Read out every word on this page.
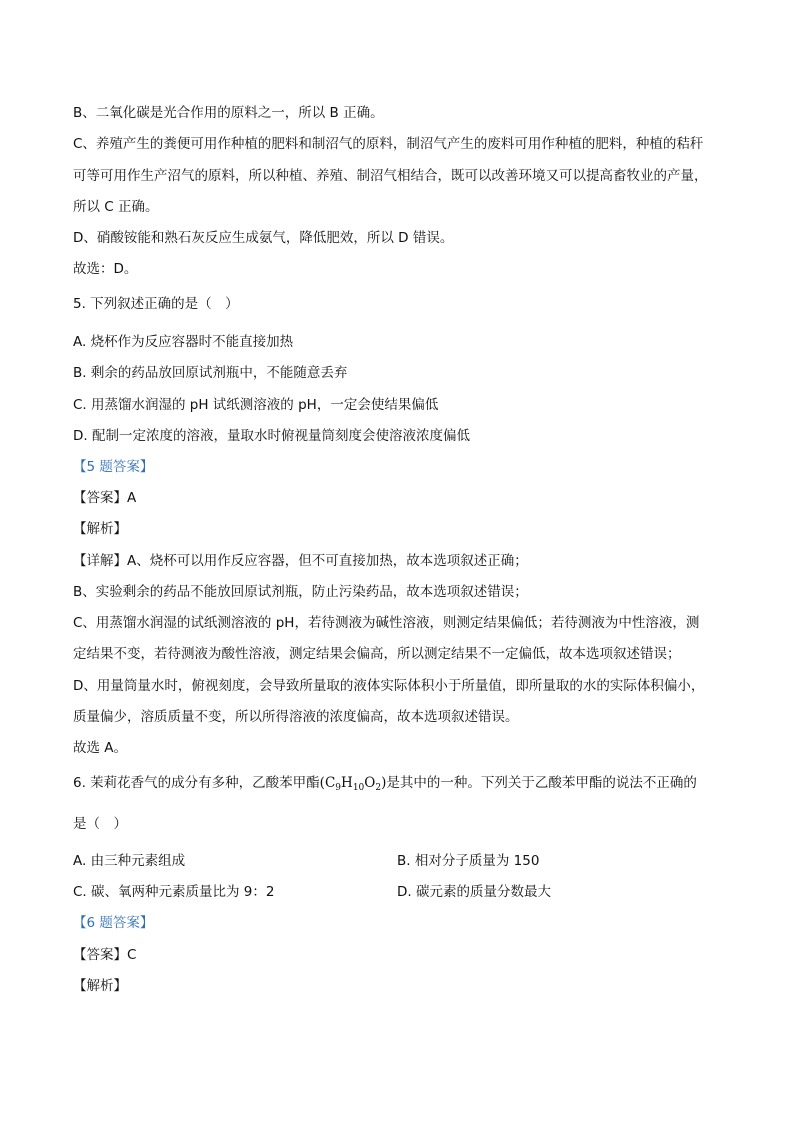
B、二氧化碳是光合作用的原料之一，所以 B 正确。
C、养殖产生的粪便可用作种植的肥料和制沼气的原料，制沼气产生的废料可用作种植的肥料，种植的秸秆
可等可用作生产沼气的原料，所以种植、养殖、制沼气相结合，既可以改善环境又可以提高畜牧业的产量，
所以 C 正确。
D、硝酸铵能和熟石灰反应生成氨气，降低肥效，所以 D 错误。
故选：D。
5. 下列叙述正确的是（　）
A. 烧杯作为反应容器时不能直接加热
B. 剩余的药品放回原试剂瓶中，不能随意丢弃
C. 用蒸馏水润湿的 pH 试纸测溶液的 pH，一定会使结果偏低
D. 配制一定浓度的溶液，量取水时俯视量筒刻度会使溶液浓度偏低
【5 题答案】
【答案】A
【解析】
【详解】A、烧杯可以用作反应容器，但不可直接加热，故本选项叙述正确；
B、实验剩余的药品不能放回原试剂瓶，防止污染药品，故本选项叙述错误；
C、用蒸馏水润湿的试纸测溶液的 pH，若待测液为碱性溶液，则测定结果偏低；若待测液为中性溶液，测
定结果不变，若待测液为酸性溶液，测定结果会偏高，所以测定结果不一定偏低，故本选项叙述错误；
D、用量筒量水时，俯视刻度，会导致所量取的液体实际体积小于所量值，即所量取的水的实际体积偏小，
质量偏少，溶质质量不变，所以所得溶液的浓度偏高，故本选项叙述错误。
故选 A。
6. 茉莉花香气的成分有多种，乙酸苯甲酯$(C_9H_{10}O_2)$是其中的一种。下列关于乙酸苯甲酯的说法不正确的
是（　）
A. 由三种元素组成	B. 相对分子质量为 150
C. 碳、氧两种元素质量比为 9：2	D. 碳元素的质量分数最大
【6 题答案】
【答案】C
【解析】
